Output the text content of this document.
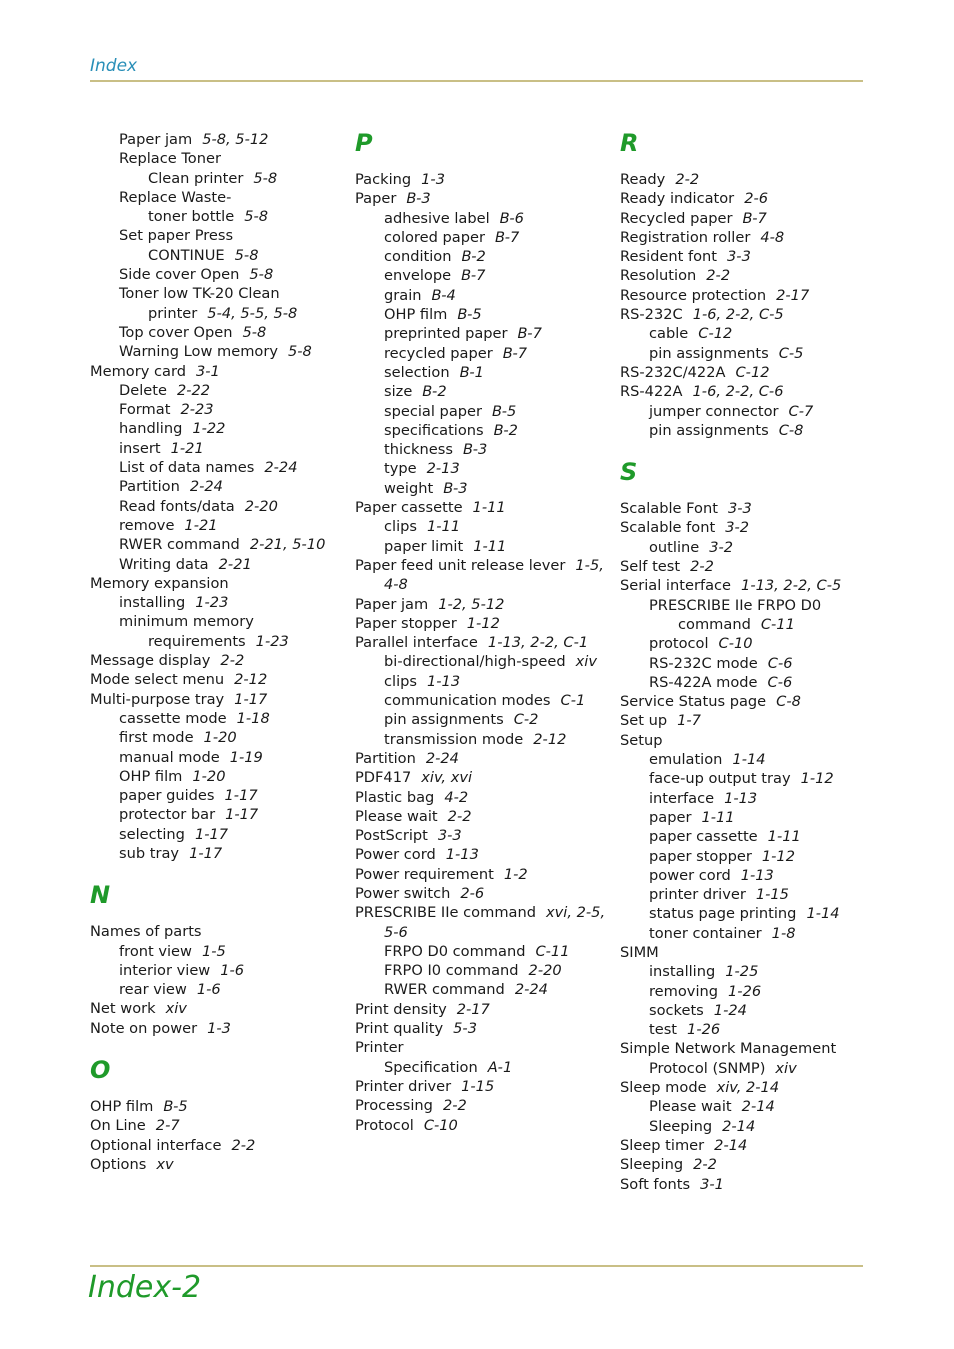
Index
Paper jam 5-8, 5-12
Replace Toner
Clean printer 5-8
Replace Waste-
toner bottle 5-8
Set paper Press
CONTINUE 5-8
Side cover Open 5-8
Toner low TK-20 Clean
printer 5-4, 5-5, 5-8
Top cover Open 5-8
Warning Low memory 5-8
Memory card 3-1
Delete 2-22
Format 2-23
handling 1-22
insert 1-21
List of data names 2-24
Partition 2-24
Read fonts/data 2-20
remove 1-21
RWER command 2-21, 5-10
Writing data 2-21
Memory expansion
installing 1-23
minimum memory
requirements 1-23
Message display 2-2
Mode select menu 2-12
Multi-purpose tray 1-17
cassette mode 1-18
first mode 1-20
manual mode 1-19
OHP film 1-20
paper guides 1-17
protector bar 1-17
selecting 1-17
sub tray 1-17
N
Names of parts
front view 1-5
interior view 1-6
rear view 1-6
Net work xiv
Note on power 1-3
O
OHP film B-5
On Line 2-7
Optional interface 2-2
Options xv
P
Packing 1-3
Paper B-3
adhesive label B-6
colored paper B-7
condition B-2
envelope B-7
grain B-4
OHP film B-5
preprinted paper B-7
recycled paper B-7
selection B-1
size B-2
special paper B-5
specifications B-2
thickness B-3
type 2-13
weight B-3
Paper cassette 1-11
clips 1-11
paper limit 1-11
Paper feed unit release lever 1-5,
4-8
Paper jam 1-2, 5-12
Paper stopper 1-12
Parallel interface 1-13, 2-2, C-1
bi-directional/high-speed xiv
clips 1-13
communication modes C-1
pin assignments C-2
transmission mode 2-12
Partition 2-24
PDF417 xiv, xvi
Plastic bag 4-2
Please wait 2-2
PostScript 3-3
Power cord 1-13
Power requirement 1-2
Power switch 2-6
PRESCRIBE IIe command xvi, 2-5,
5-6
FRPO D0 command C-11
FRPO I0 command 2-20
RWER command 2-24
Print density 2-17
Print quality 5-3
Printer
Specification A-1
Printer driver 1-15
Processing 2-2
Protocol C-10
R
Ready 2-2
Ready indicator 2-6
Recycled paper B-7
Registration roller 4-8
Resident font 3-3
Resolution 2-2
Resource protection 2-17
RS-232C 1-6, 2-2, C-5
cable C-12
pin assignments C-5
RS-232C/422A C-12
RS-422A 1-6, 2-2, C-6
jumper connector C-7
pin assignments C-8
S
Scalable Font 3-3
Scalable font 3-2
outline 3-2
Self test 2-2
Serial interface 1-13, 2-2, C-5
PRESCRIBE IIe FRPO D0
command C-11
protocol C-10
RS-232C mode C-6
RS-422A mode C-6
Service Status page C-8
Set up 1-7
Setup
emulation 1-14
face-up output tray 1-12
interface 1-13
paper 1-11
paper cassette 1-11
paper stopper 1-12
power cord 1-13
printer driver 1-15
status page printing 1-14
toner container 1-8
SIMM
installing 1-25
removing 1-26
sockets 1-24
test 1-26
Simple Network Management
Protocol (SNMP) xiv
Sleep mode xiv, 2-14
Please wait 2-14
Sleeping 2-14
Sleep timer 2-14
Sleeping 2-2
Soft fonts 3-1
Index-2
